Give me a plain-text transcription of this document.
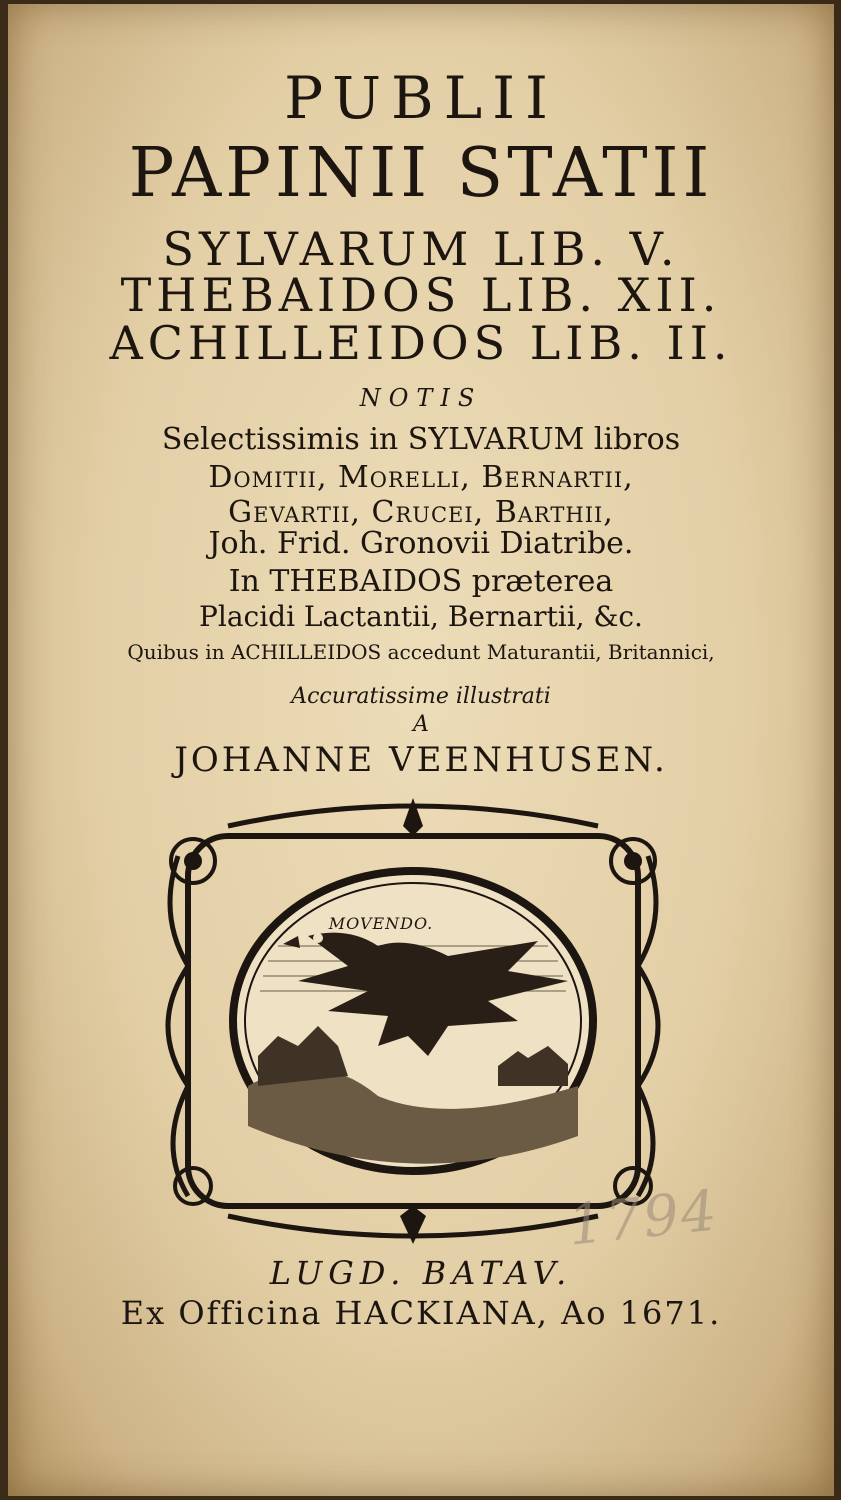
PUBLII
PAPINII STATII
SYLVARUM LIB. V.
THEBAIDOS LIB. XII.
ACHILLEIDOS LIB. II.
NOTIS
Selectissimis in SYLVARUM libros
Domitii, Morelli, Bernartii,
Gevartii, Crucei, Barthii,
Joh. Frid. Gronovii Diatribe.
In THEBAIDOS præterea
Placidi Lactantii, Bernartii, &c.
Quibus in ACHILLEIDOS accedunt Maturantii, Britannici,
Accuratissime illustrati
A
JOHANNE VEENHUSEN.
MOVENDO.
1794
LUGD. BATAV.
Ex Officina HACKIANA, Ao 1671.
